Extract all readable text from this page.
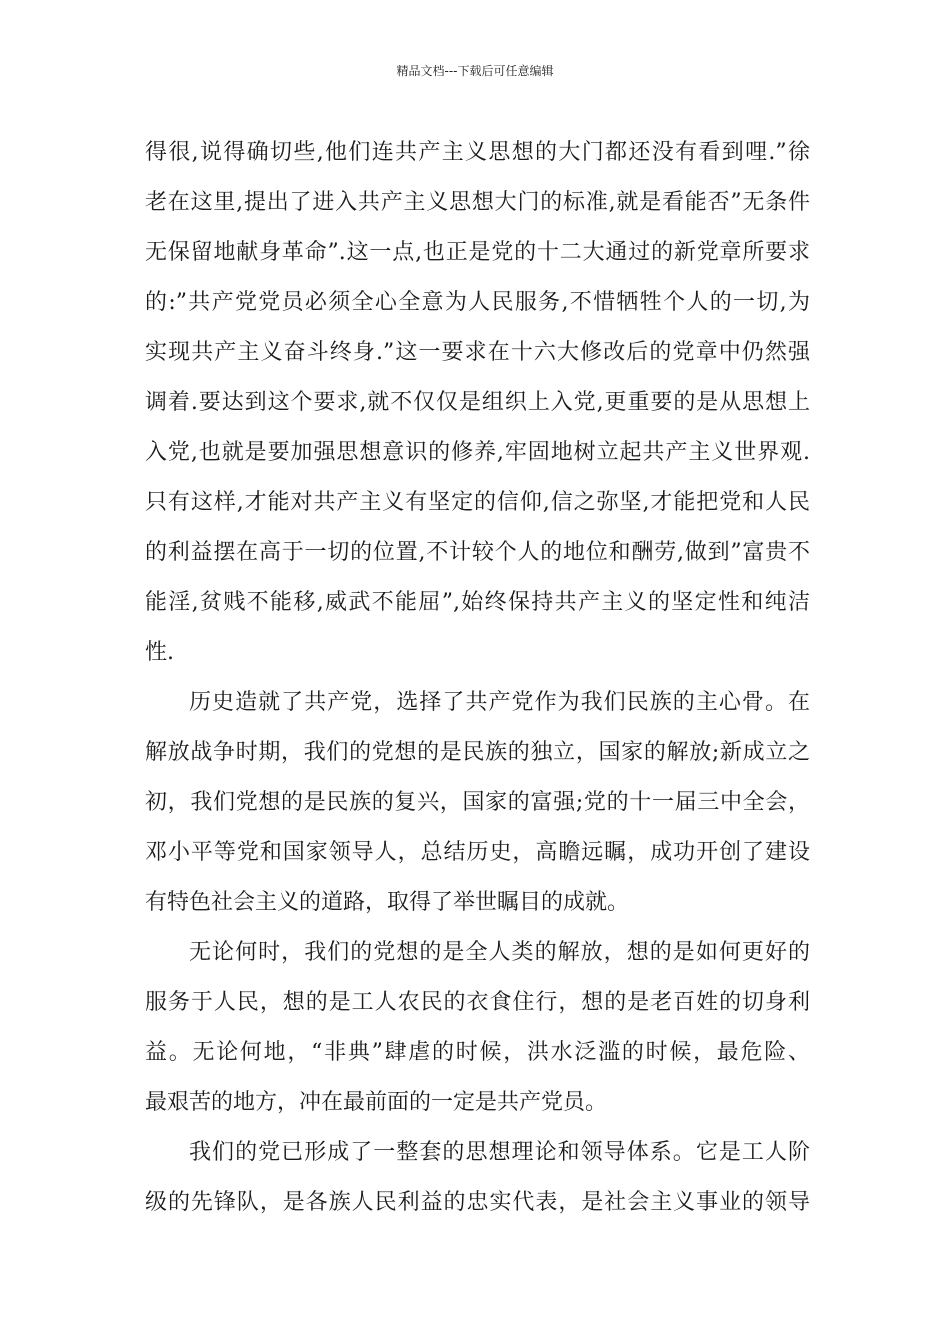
精品文档---下载后可任意编辑
得很,说得确切些,他们连共产主义思想的大门都还没有看到哩.”徐
老在这里,提出了进入共产主义思想大门的标准,就是看能否”无条件
无保留地献身革命”.这一点,也正是党的十二大通过的新党章所要求
的:”共产党党员必须全心全意为人民服务,不惜牺牲个人的一切,为
实现共产主义奋斗终身.”这一要求在十六大修改后的党章中仍然强
调着.要达到这个要求,就不仅仅是组织上入党,更重要的是从思想上
入党,也就是要加强思想意识的修养,牢固地树立起共产主义世界观.
只有这样,才能对共产主义有坚定的信仰,信之弥坚,才能把党和人民
的利益摆在高于一切的位置,不计较个人的地位和酬劳,做到”富贵不
能淫,贫贱不能移,威武不能屈”,始终保持共产主义的坚定性和纯洁
性.
历史造就了共产党，选择了共产党作为我们民族的主心骨。在
解放战争时期，我们的党想的是民族的独立，国家的解放;新成立之
初，我们党想的是民族的复兴，国家的富强;党的十一届三中全会，
邓小平等党和国家领导人，总结历史，高瞻远瞩，成功开创了建设
有特色社会主义的道路，取得了举世瞩目的成就。
无论何时，我们的党想的是全人类的解放，想的是如何更好的
服务于人民，想的是工人农民的衣食住行，想的是老百姓的切身利
益。无论何地，“非典”肆虐的时候，洪水泛滥的时候，最危险、
最艰苦的地方，冲在最前面的一定是共产党员。
我们的党已形成了一整套的思想理论和领导体系。它是工人阶
级的先锋队，是各族人民利益的忠实代表，是社会主义事业的领导
